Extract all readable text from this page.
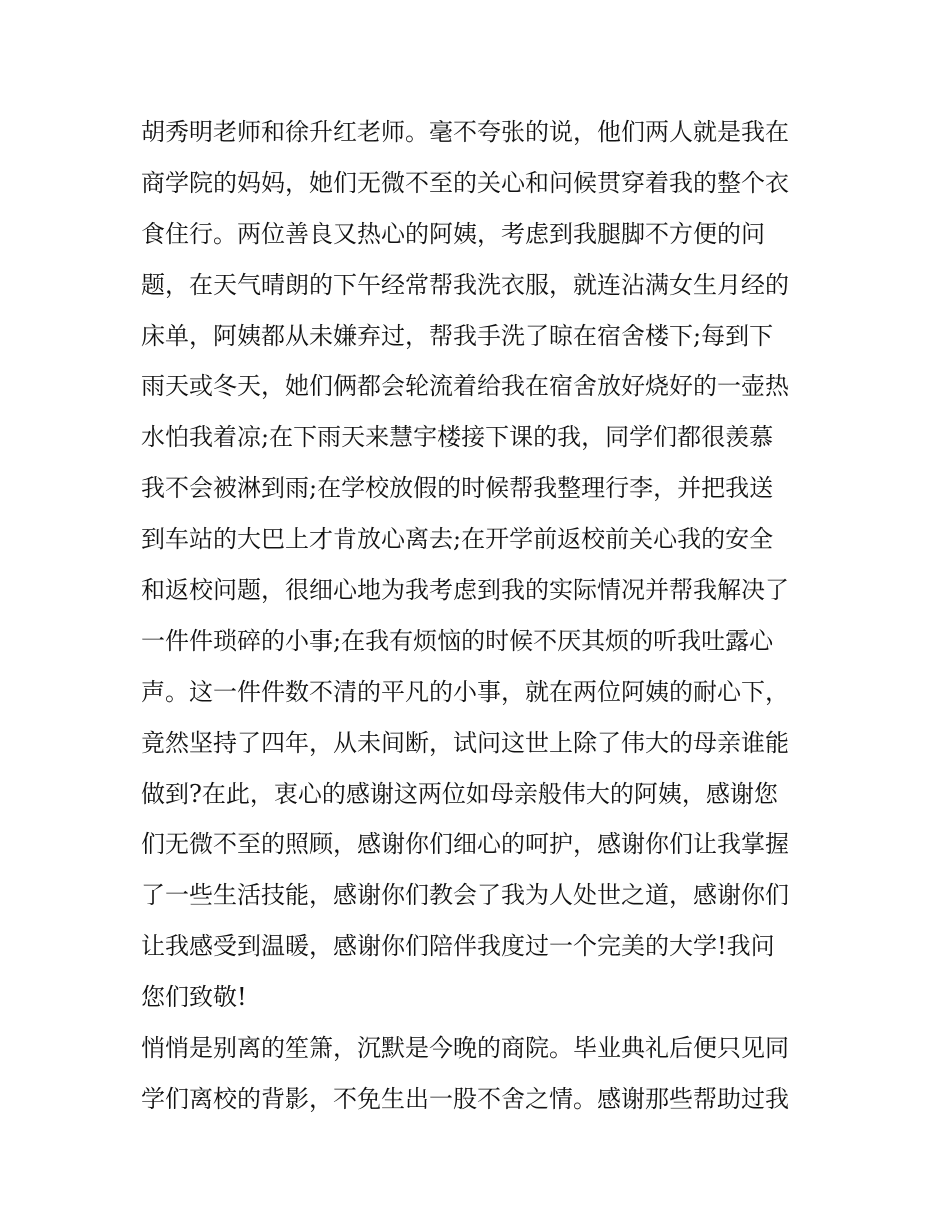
胡秀明老师和徐升红老师。毫不夸张的说，他们两人就是我在
商学院的妈妈，她们无微不至的关心和问候贯穿着我的整个衣
食住行。两位善良又热心的阿姨，考虑到我腿脚不方便的问
题，在天气晴朗的下午经常帮我洗衣服，就连沾满女生月经的
床单，阿姨都从未嫌弃过，帮我手洗了晾在宿舍楼下;每到下
雨天或冬天，她们俩都会轮流着给我在宿舍放好烧好的一壶热
水怕我着凉;在下雨天来慧宇楼接下课的我，同学们都很羡慕
我不会被淋到雨;在学校放假的时候帮我整理行李，并把我送
到车站的大巴上才肯放心离去;在开学前返校前关心我的安全
和返校问题，很细心地为我考虑到我的实际情况并帮我解决了
一件件琐碎的小事;在我有烦恼的时候不厌其烦的听我吐露心
声。这一件件数不清的平凡的小事，就在两位阿姨的耐心下，
竟然坚持了四年，从未间断，试问这世上除了伟大的母亲谁能
做到?在此，衷心的感谢这两位如母亲般伟大的阿姨，感谢您
们无微不至的照顾，感谢你们细心的呵护，感谢你们让我掌握
了一些生活技能，感谢你们教会了我为人处世之道，感谢你们
让我感受到温暖，感谢你们陪伴我度过一个完美的大学!我问
您们致敬!
悄悄是别离的笙箫，沉默是今晚的商院。毕业典礼后便只见同
学们离校的背影，不免生出一股不舍之情。感谢那些帮助过我
